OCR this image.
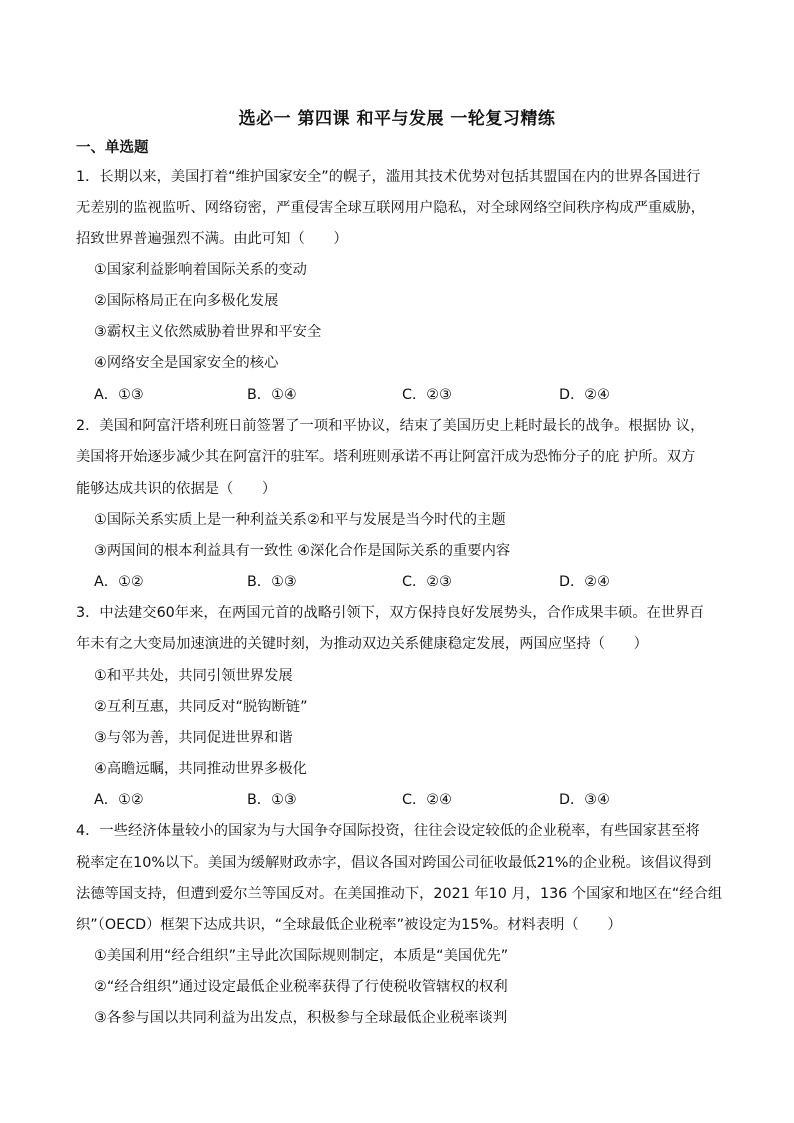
选必一 第四课 和平与发展 一轮复习精练
一、单选题
1．长期以来，美国打着“维护国家安全”的幌子，滥用其技术优势对包括其盟国在内的世界各国进行
无差别的监视监听、网络窃密，严重侵害全球互联网用户隐私，对全球网络空间秩序构成严重威胁，
招致世界普遍强烈不满。由此可知（　　）
①国家利益影响着国际关系的变动
②国际格局正在向多极化发展
③霸权主义依然威胁着世界和平安全
④网络安全是国家安全的核心
A．①③	B．①④	C．②③	D．②④
2．美国和阿富汗塔利班日前签署了一项和平协议，结束了美国历史上耗时最长的战争。根据协 议，
美国将开始逐步减少其在阿富汗的驻军。塔利班则承诺不再让阿富汗成为恐怖分子的庇 护所。双方
能够达成共识的依据是（　　）
①国际关系实质上是一种利益关系②和平与发展是当今时代的主题
③两国间的根本利益具有一致性 ④深化合作是国际关系的重要内容
A．①②	B．①③	C．②③	D．②④
3．中法建交60年来，在两国元首的战略引领下，双方保持良好发展势头，合作成果丰硕。在世界百
年未有之大变局加速演进的关键时刻，为推动双边关系健康稳定发展，两国应坚持（　　）
①和平共处，共同引领世界发展
②互利互惠，共同反对“脱钩断链”
③与邻为善，共同促进世界和谐
④高瞻远瞩，共同推动世界多极化
A．①②	B．①③	C．②④	D．③④
4．一些经济体量较小的国家为与大国争夺国际投资，往往会设定较低的企业税率，有些国家甚至将
税率定在10%以下。美国为缓解财政赤字，倡议各国对跨国公司征收最低21%的企业税。该倡议得到
法德等国支持，但遭到爱尔兰等国反对。在美国推动下，2021 年10 月，136 个国家和地区在“经合组
织”（OECD）框架下达成共识，“全球最低企业税率”被设定为15%。材料表明（　　）
①美国利用“经合组织”主导此次国际规则制定，本质是“美国优先”
②“经合组织”通过设定最低企业税率获得了行使税收管辖权的权利
③各参与国以共同利益为出发点，积极参与全球最低企业税率谈判
